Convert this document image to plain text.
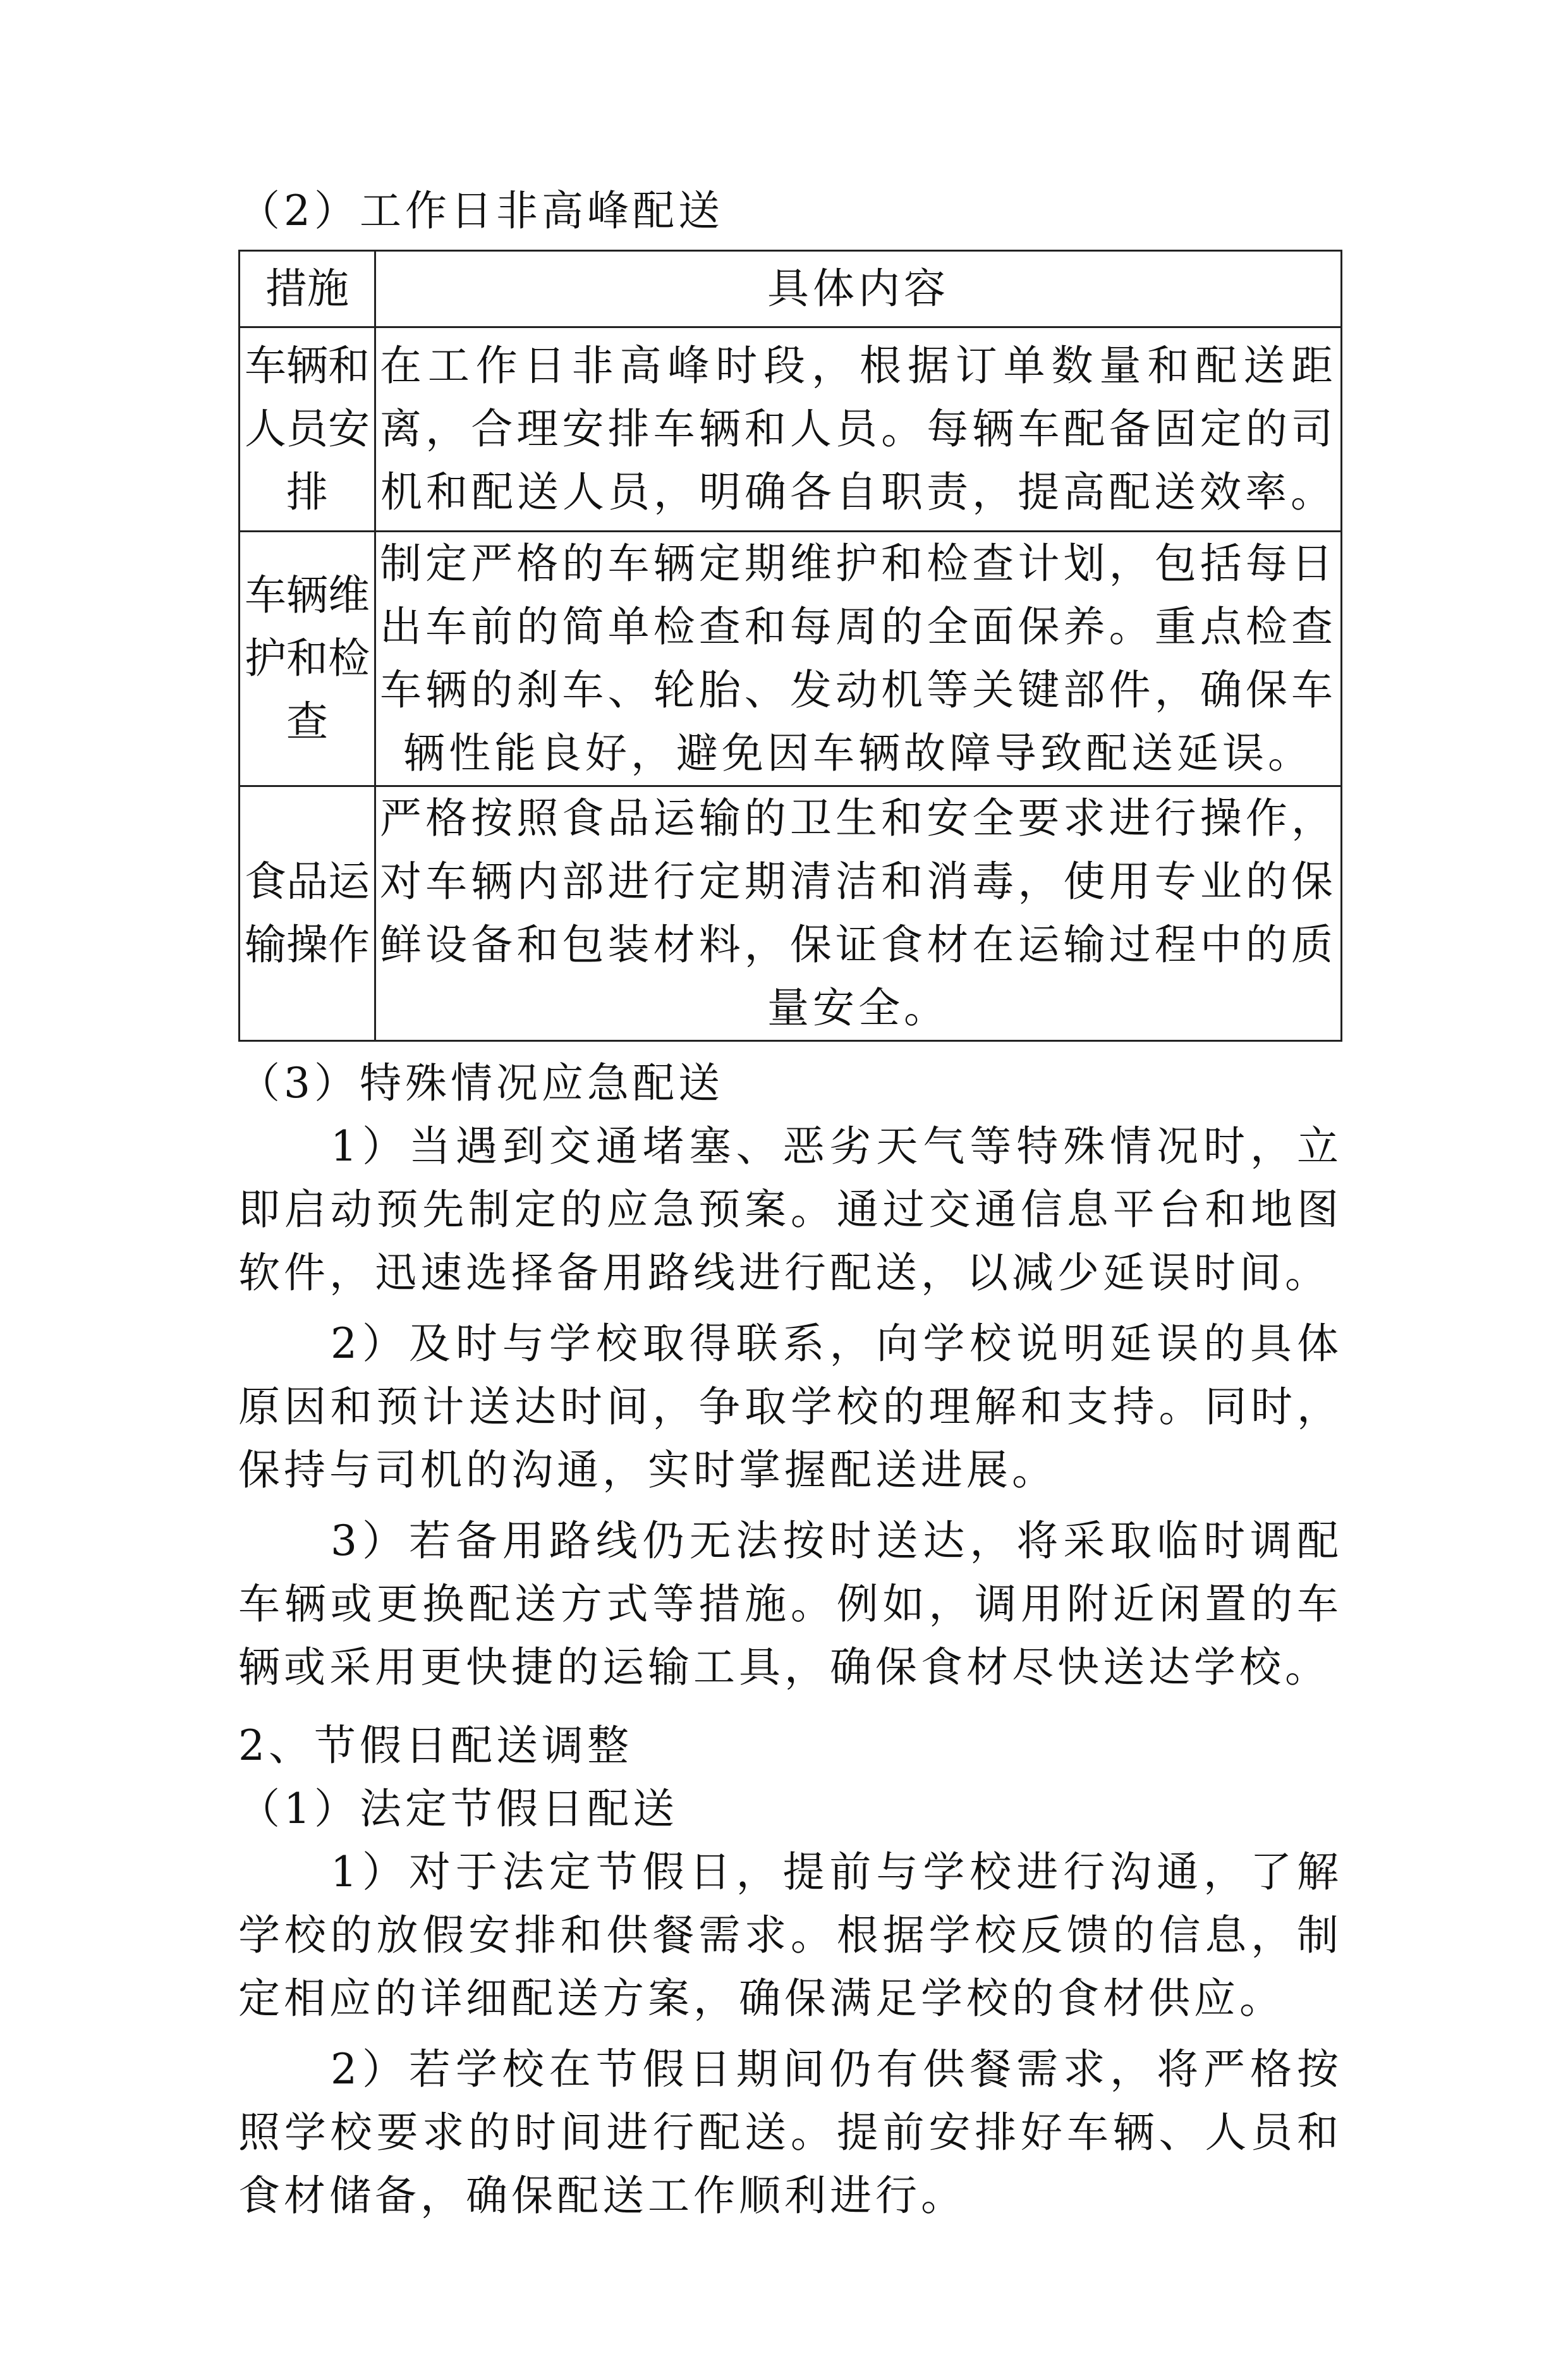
（2）工作日非高峰配送

措施	具体内容
车辆和人员安排	在工作日非高峰时段，根据订单数量和配送距离，合理安排车辆和人员。每辆车配备固定的司机和配送人员，明确各自职责，提高配送效率。
车辆维护和检查	制定严格的车辆定期维护和检查计划，包括每日出车前的简单检查和每周的全面保养。重点检查车辆的刹车、轮胎、发动机等关键部件，确保车辆性能良好，避免因车辆故障导致配送延误。
食品运输操作	严格按照食品运输的卫生和安全要求进行操作，对车辆内部进行定期清洁和消毒，使用专业的保鲜设备和包装材料，保证食材在运输过程中的质量安全。

（3）特殊情况应急配送

1）当遇到交通堵塞、恶劣天气等特殊情况时，立即启动预先制定的应急预案。通过交通信息平台和地图软件，迅速选择备用路线进行配送，以减少延误时间。

2）及时与学校取得联系，向学校说明延误的具体原因和预计送达时间，争取学校的理解和支持。同时，保持与司机的沟通，实时掌握配送进展。

3）若备用路线仍无法按时送达，将采取临时调配车辆或更换配送方式等措施。例如，调用附近闲置的车辆或采用更快捷的运输工具，确保食材尽快送达学校。

2、节假日配送调整

（1）法定节假日配送

1）对于法定节假日，提前与学校进行沟通，了解学校的放假安排和供餐需求。根据学校反馈的信息，制定相应的详细配送方案，确保满足学校的食材供应。

2）若学校在节假日期间仍有供餐需求，将严格按照学校要求的时间进行配送。提前安排好车辆、人员和食材储备，确保配送工作顺利进行。
